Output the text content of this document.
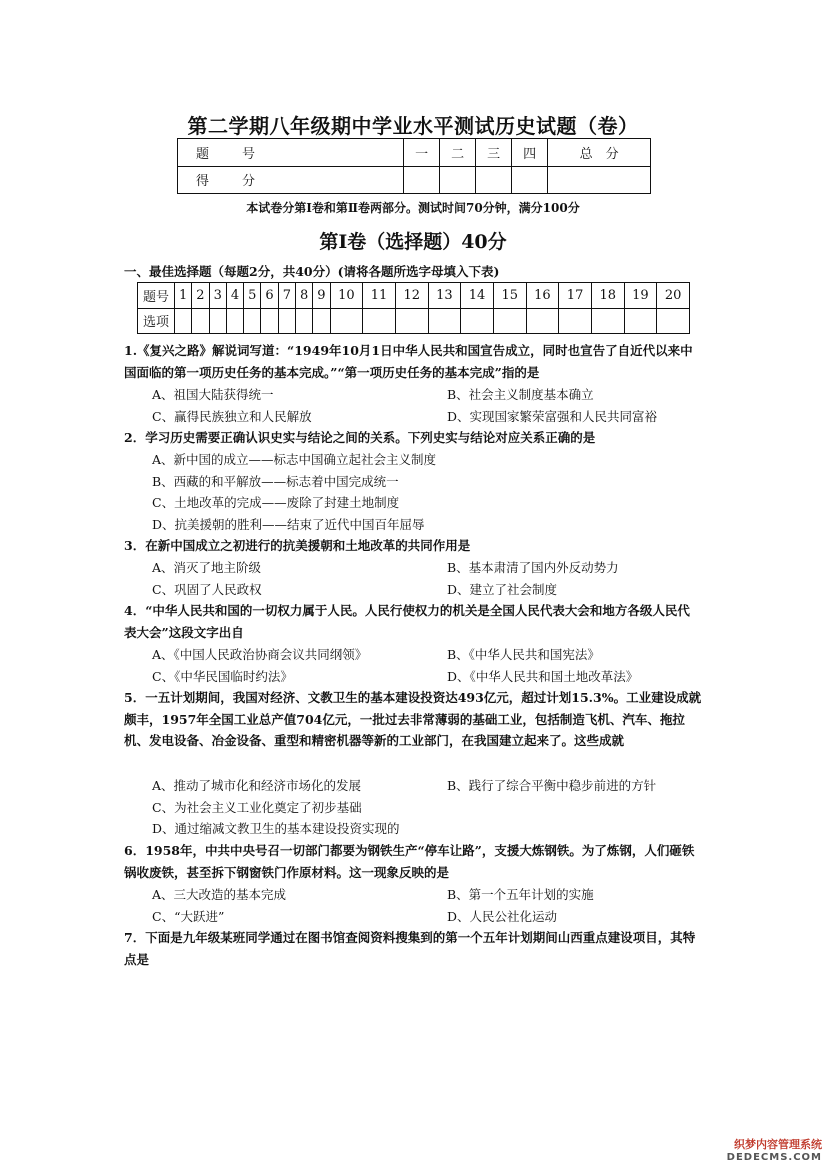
第二学期八年级期中学业水平测试历史试题（卷）
题　号	一	二	三	四	总　分
得　分					
本试卷分第Ⅰ卷和第Ⅱ卷两部分。测试时间70分钟，满分100分
第Ⅰ卷（选择题）40分
一、最佳选择题（每题2分，共40分）(请将各题所选字母填入下表)
题号	1	2	3	4	5	6	7	8	9	10	11	12	13	14	15	16	17	18	19	20
选项																				
1.《复兴之路》解说词写道：“1949年10月1日中华人民共和国宣告成立，同时也宣告了自近代以来中国面临的第一项历史任务的基本完成。”“第一项历史任务的基本完成”指的是
A、祖国大陆获得统一	B、社会主义制度基本确立
C、赢得民族独立和人民解放	D、实现国家繁荣富强和人民共同富裕
2．学习历史需要正确认识史实与结论之间的关系。下列史实与结论对应关系正确的是
A、新中国的成立——标志中国确立起社会主义制度
B、西藏的和平解放——标志着中国完成统一
C、土地改革的完成——废除了封建土地制度
D、抗美援朝的胜利——结束了近代中国百年屈辱
3．在新中国成立之初进行的抗美援朝和土地改革的共同作用是
A、消灭了地主阶级	B、基本肃清了国内外反动势力
C、巩固了人民政权	D、建立了社会制度
4．“中华人民共和国的一切权力属于人民。人民行使权力的机关是全国人民代表大会和地方各级人民代表大会”这段文字出自
A、《中国人民政治协商会议共同纲领》	B、《中华人民共和国宪法》
C、《中华民国临时约法》	D、《中华人民共和国土地改革法》
5．一五计划期间，我国对经济、文教卫生的基本建设投资达493亿元，超过计划15.3%。工业建设成就颇丰，1957年全国工业总产值704亿元，一批过去非常薄弱的基础工业，包括制造飞机、汽车、拖拉机、发电设备、冶金设备、重型和精密机器等新的工业部门，在我国建立起来了。这些成就
A、推动了城市化和经济市场化的发展	B、践行了综合平衡中稳步前进的方针
C、为社会主义工业化奠定了初步基础
D、通过缩减文教卫生的基本建设投资实现的
6．1958年，中共中央号召一切部门都要为钢铁生产“停车让路”，支援大炼钢铁。为了炼钢，人们砸铁锅收废铁，甚至拆下钢窗铁门作原材料。这一现象反映的是
A、三大改造的基本完成	B、第一个五年计划的实施
C、“大跃进”	D、人民公社化运动
7．下面是九年级某班同学通过在图书馆查阅资料搜集到的第一个五年计划期间山西重点建设项目，其特点是
织梦内容管理系统
DEDECMS.COM
